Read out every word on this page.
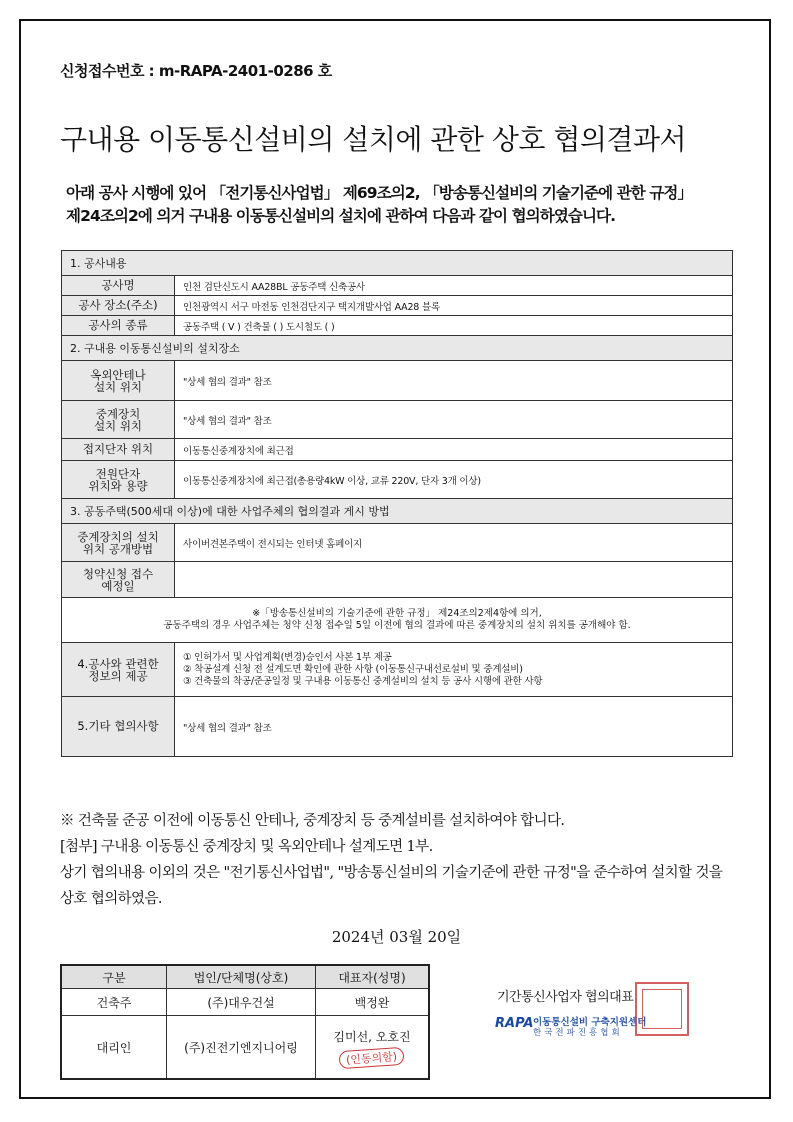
신청접수번호 : m-RAPA-2401-0286 호
구내용 이동통신설비의 설치에 관한 상호 협의결과서
아래 공사 시행에 있어 「전기통신사업법」 제69조의2, 「방송통신설비의 기술기준에 관한 규정」
제24조의2에 의거 구내용 이동통신설비의 설치에 관하여 다음과 같이 협의하였습니다.
1. 공사내용	
공사명	인천 검단신도시 AA28BL 공동주택 신축공사
공사 장소(주소)	인천광역시 서구 마전동 인천검단지구 택지개발사업 AA28 블록
공사의 종류	공동주택 ( V ) 건축물 ( ) 도시철도 ( )
2. 구내용 이동통신설비의 설치장소	

옥외안테나
설치 위치	"상세 협의 결과" 참조

중계장치
설치 위치	"상세 협의 결과" 참조
접지단자 위치	이동통신중계장치에 최근접

전원단자
위치와 용량	이동통신중계장치에 최근접(총용량4kW 이상, 교류 220V, 단자 3개 이상)
3. 공동주택(500세대 이상)에 대한 사업주체의 협의결과 게시 방법	

중계장치의 설치
위치 공개방법	사이버견본주택이 전시되는 인터넷 홈페이지

청약신청 접수
예정일	

※「방송통신설비의 기술기준에 관한 규정」 제24조의2제4항에 의거,
공동주택의 경우 사업주체는 청약 신청 접수일 5일 이전에 협의 결과에 따른 중계장치의 설치 위치를 공개해야 함.	

4.공사와 관련한
정보의 제공	① 인허가서 및 사업계획(변경)승인서 사본 1부 제공
② 착공설계 신청 전 설계도면 확인에 관한 사항 (이동통신구내선로설비 및 중계설비)
③ 건축물의 착공/준공일정 및 구내용 이동통신 중계설비의 설치 등 공사 시행에 관한 사항

5.기타 협의사항	"상세 협의 결과" 참조
※ 건축물 준공 이전에 이동통신 안테나, 중계장치 등 중계설비를 설치하여야 합니다.
[첨부] 구내용 이동통신 중계장치 및 옥외안테나 설계도면 1부.
상기 협의내용 이외의 것은 "전기통신사업법", "방송통신설비의 기술기준에 관한 규정"을 준수하여 설치할 것을
상호 협의하였음.
2024년 03월 20일
구분	법인/단체명(상호)	대표자(성명)
건축주	(주)대우건설	백정완
대리인	(주)진전기엔지니어링	김미선, 오호진
(인동의함)
기간통신사업자 협의대표
RAPA 이동통신설비 구축지원센터
한국전파진흥협회
